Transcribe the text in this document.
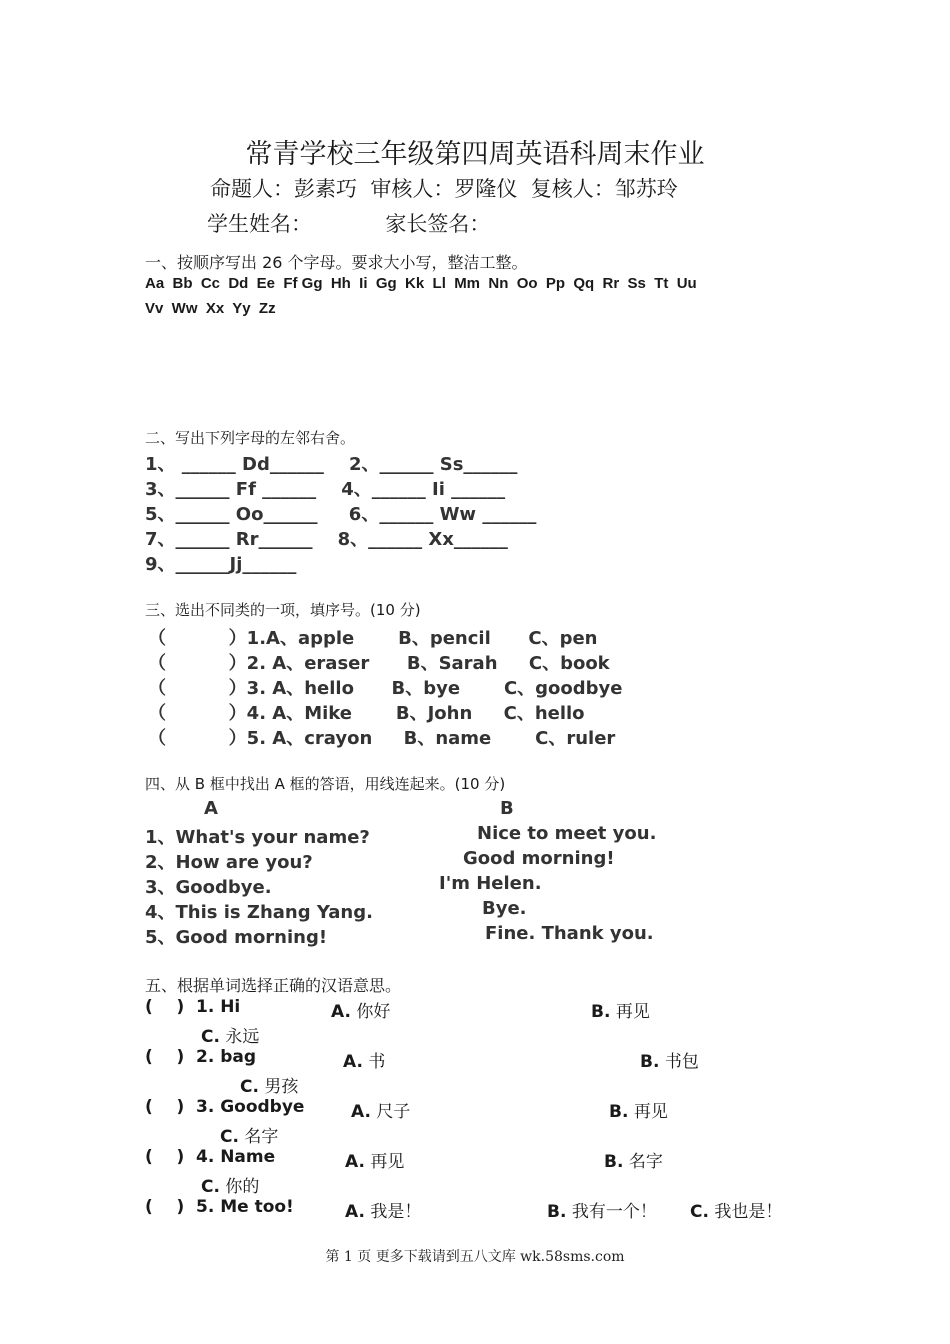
常青学校三年级第四周英语科周末作业
命题人：彭素巧  审核人：罗隆仪  复核人：邹苏玲
学生姓名：           家长签名：
一、按顺序写出 26 个字母。要求大小写，整洁工整。
Aa  Bb  Cc  Dd  Ee  Ff Gg  Hh  Ii  Gg  Kk  Ll  Mm  Nn  Oo  Pp  Qq  Rr  Ss  Tt  Uu
Vv  Ww  Xx  Yy  Zz
二、写出下列字母的左邻右舍。
1、 ______ Dd______    2、______ Ss______
3、______ Ff ______    4、______ Ii ______
5、______ Oo______     6、______ Ww ______
7、______ Rr______    8、______ Xx______
9、______Jj______
三、选出不同类的一项，填序号。(10 分)
（          ）1.A、apple       B、pencil      C、pen
（          ）2. A、eraser      B、Sarah     C、book
（          ）3. A、hello      B、bye       C、goodbye
（          ）4. A、Mike       B、John     C、hello
（          ）5. A、crayon     B、name       C、ruler
四、从 B 框中找出 A 框的答语，用线连起来。(10 分)
A	B
1、What's your name?	Nice to meet you.
2、How are you?	Good morning!
3、Goodbye.	I'm Helen.
4、This is Zhang Yang.	Bye.
5、Good morning!	Fine. Thank you.
五、根据单词选择正确的汉语意思。
(    ) 1. Hi	A. 你好	B. 再见
C. 永远
(    ) 2. bag	A. 书	B. 书包
C. 男孩
(    ) 3. Goodbye	A. 尺子	B. 再见
C. 名字
(    ) 4. Name	A. 再见	B. 名字
C. 你的
(    ) 5. Me too!	A. 我是！	B. 我有一个！ C. 我也是！
第 1 页 更多下载请到五八文库 wk.58sms.com
